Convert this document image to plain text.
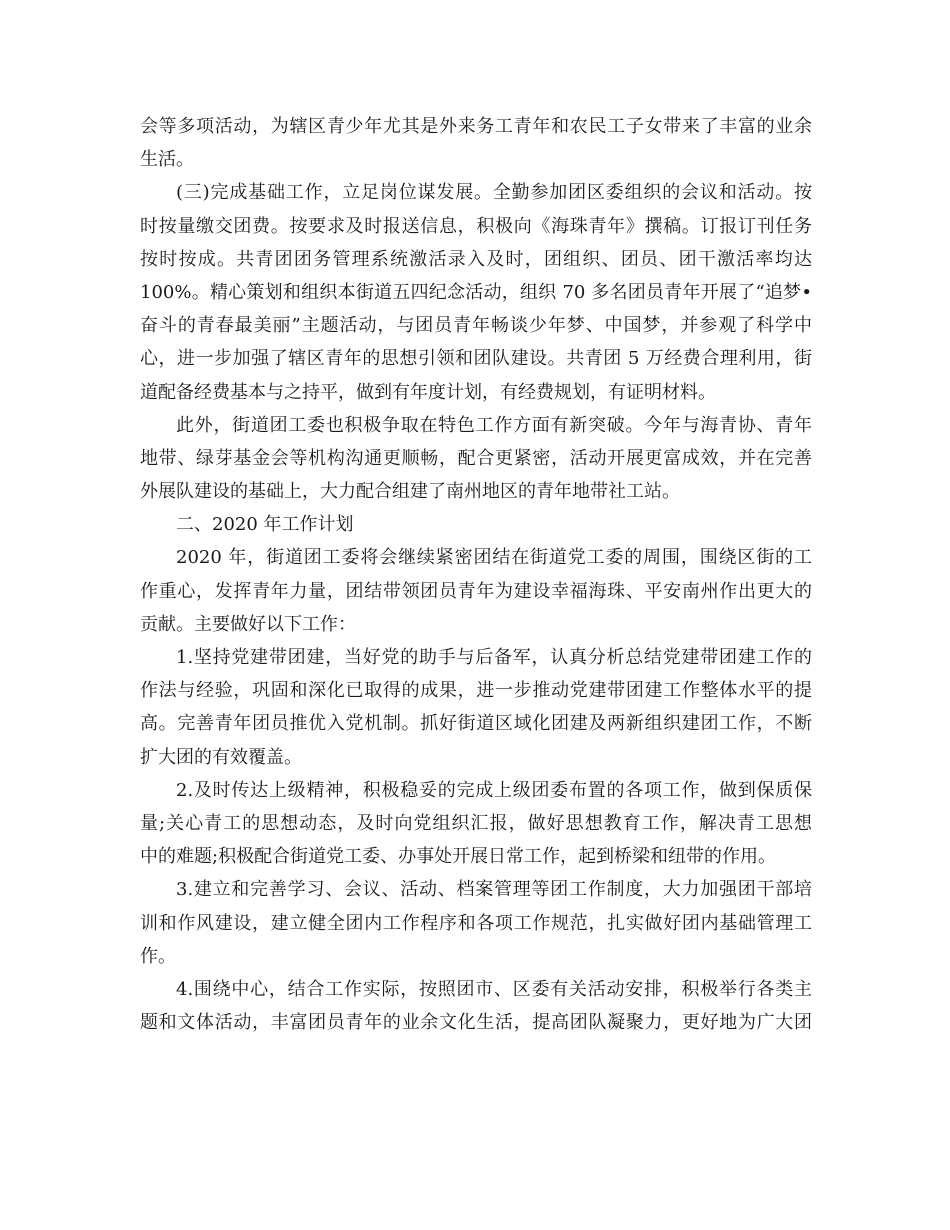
会等多项活动，为辖区青少年尤其是外来务工青年和农民工子女带来了丰富的业余
生活。
(三)完成基础工作，立足岗位谋发展。全勤参加团区委组织的会议和活动。按
时按量缴交团费。按要求及时报送信息，积极向《海珠青年》撰稿。订报订刊任务
按时按成。共青团团务管理系统激活录入及时，团组织、团员、团干激活率均达
100%。精心策划和组织本街道五四纪念活动，组织 70 多名团员青年开展了“追梦•
奋斗的青春最美丽”主题活动，与团员青年畅谈少年梦、中国梦，并参观了科学中
心，进一步加强了辖区青年的思想引领和团队建设。共青团 5 万经费合理利用，街
道配备经费基本与之持平，做到有年度计划，有经费规划，有证明材料。
此外，街道团工委也积极争取在特色工作方面有新突破。今年与海青协、青年
地带、绿芽基金会等机构沟通更顺畅，配合更紧密，活动开展更富成效，并在完善
外展队建设的基础上，大力配合组建了南州地区的青年地带社工站。
二、2020 年工作计划
2020 年，街道团工委将会继续紧密团结在街道党工委的周围，围绕区街的工
作重心，发挥青年力量，团结带领团员青年为建设幸福海珠、平安南州作出更大的
贡献。主要做好以下工作：
1.坚持党建带团建，当好党的助手与后备军，认真分析总结党建带团建工作的
作法与经验，巩固和深化已取得的成果，进一步推动党建带团建工作整体水平的提
高。完善青年团员推优入党机制。抓好街道区域化团建及两新组织建团工作，不断
扩大团的有效覆盖。
2.及时传达上级精神，积极稳妥的完成上级团委布置的各项工作，做到保质保
量;关心青工的思想动态，及时向党组织汇报，做好思想教育工作，解决青工思想
中的难题;积极配合街道党工委、办事处开展日常工作，起到桥梁和纽带的作用。
3.建立和完善学习、会议、活动、档案管理等团工作制度，大力加强团干部培
训和作风建设，建立健全团内工作程序和各项工作规范，扎实做好团内基础管理工
作。
4.围绕中心，结合工作实际，按照团市、区委有关活动安排，积极举行各类主
题和文体活动，丰富团员青年的业余文化生活，提高团队凝聚力，更好地为广大团
